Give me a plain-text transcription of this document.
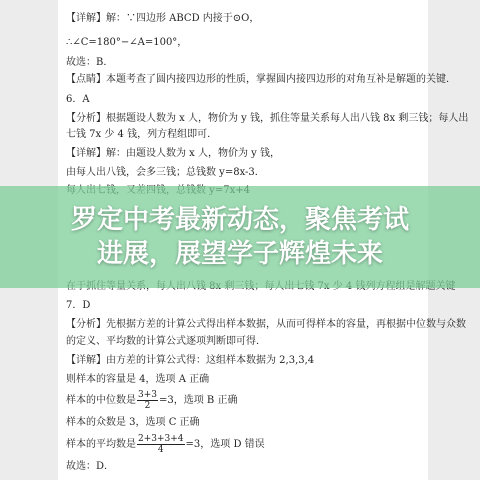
【详解】解：∵四边形 ABCD 内接于⊙O，
∴∠C=180°−∠A=100°，
故选：B．
【点睛】本题考查了圆内接四边形的性质，掌握圆内接四边形的对角互补是解题的关键．
6．A
【分析】根据题设人数为 x 人，物价为 y 钱，抓住等量关系每人出八钱 8x 剩三钱；每人出
七钱 7x 少 4 钱，列方程组即可．
【详解】解：由题设人数为 x 人，物价为 y 钱，
由每人出八钱，会多三钱；总钱数 y=8x-3．
7．D
【分析】先根据方差的计算公式得出样本数据，从而可得样本的容量，再根据中位数与众数
的定义、平均数的计算公式逐项判断即可得．
【详解】由方差的计算公式得：这组样本数据为 2,3,3,4
则样本的容量是 4，选项 A 正确
样本的中位数是 $\frac{3+3}{2} =3$，选项 B 正确
样本的众数是 3，选项 C 正确
样本的平均数是 $\frac{2+3+3+4}{4} =3$，选项 D 错误
故选：D．
罗定中考最新动态，聚焦考试
进展，展望学子辉煌未来
